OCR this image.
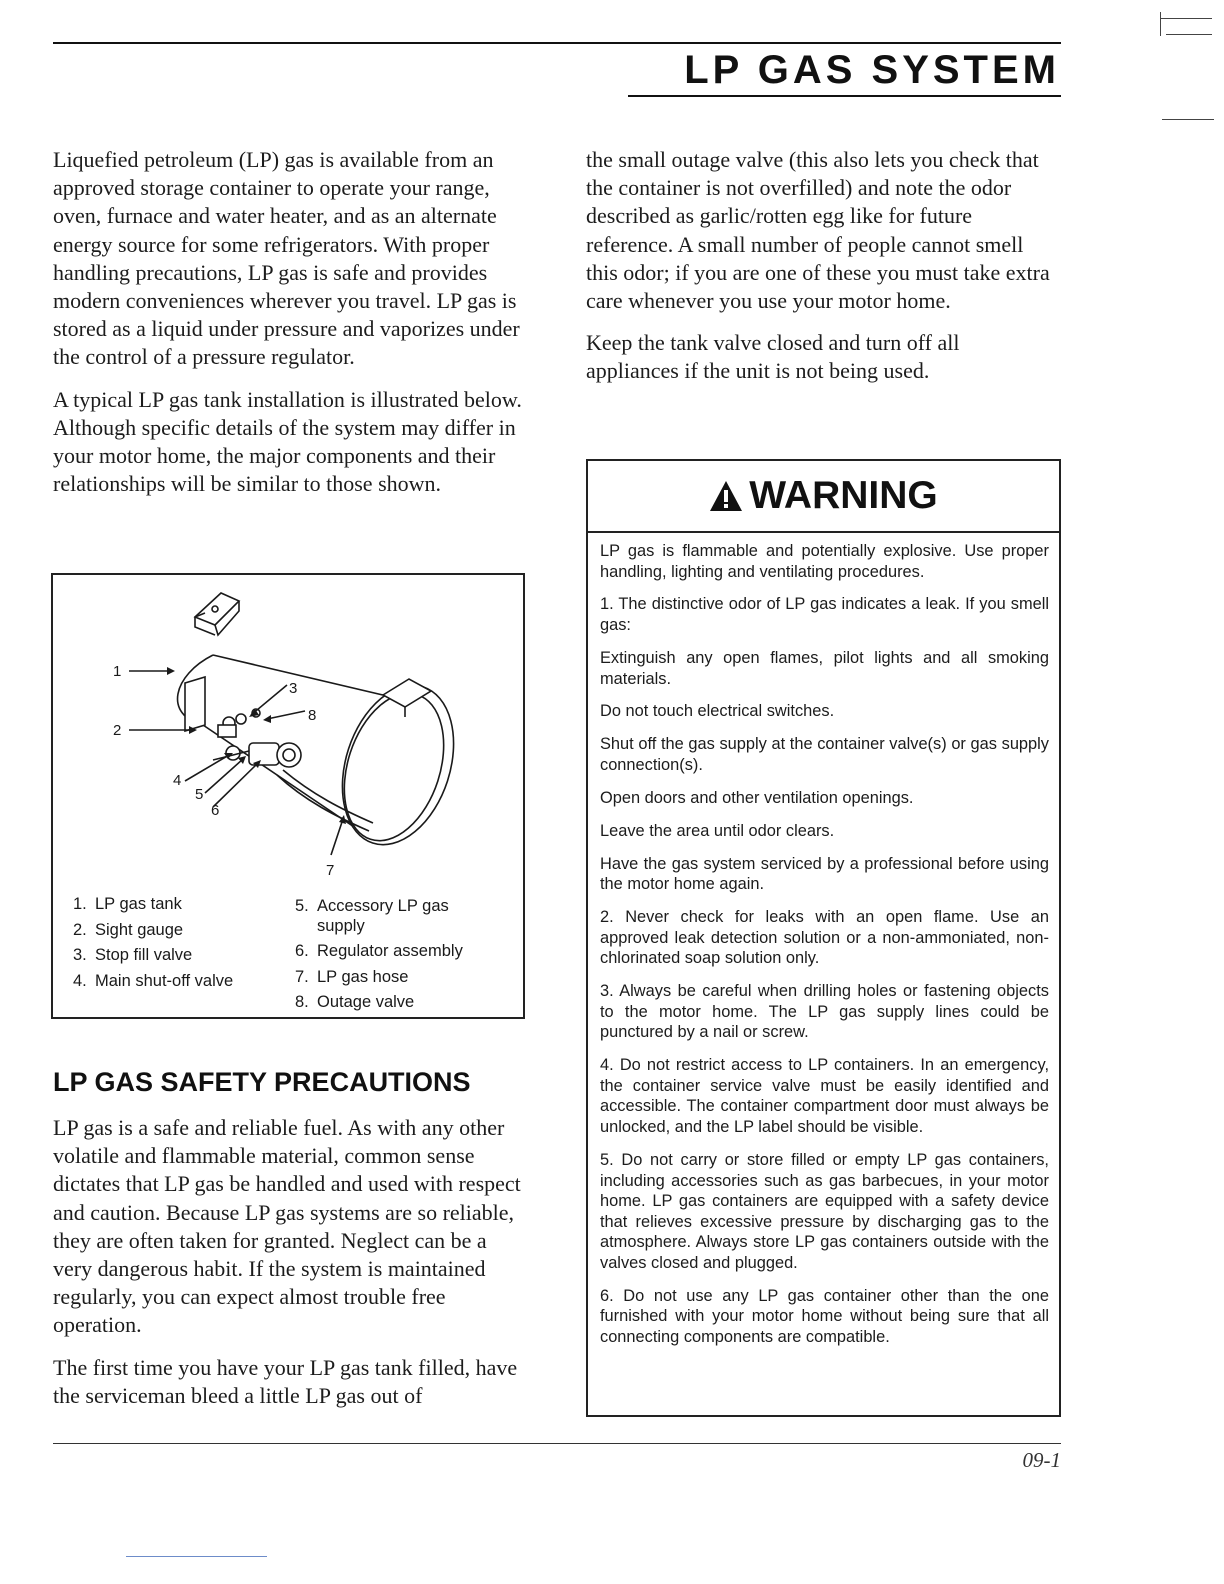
LP GAS SYSTEM

Liquefied petroleum (LP) gas is available from an approved storage container to operate your range, oven, furnace and water heater, and as an alternate energy source for some refrigerators. With proper handling precautions, LP gas is safe and provides modern conveniences wherever you travel. LP gas is stored as a liquid under pressure and vaporizes under the control of a pressure regulator.

A typical LP gas tank installation is illustrated below. Although specific details of the system may differ in your motor home, the major components and their relationships will be similar to those shown.

1
2
3
4
5
6
7
8
1. LP gas tank
2. Sight gauge
3. Stop fill valve
4. Main shut-off valve
5. Accessory LP gas supply
6. Regulator assembly
7. LP gas hose
8. Outage valve
LP GAS SAFETY PRECAUTIONS

LP gas is a safe and reliable fuel. As with any other volatile and flammable material, common sense dictates that LP gas be handled and used with respect and caution. Because LP gas systems are so reliable, they are often taken for granted. Neglect can be a very dangerous habit. If the system is maintained regularly, you can expect almost trouble free operation.

The first time you have your LP gas tank filled, have the serviceman bleed a little LP gas out of

the small outage valve (this also lets you check that the container is not overfilled) and note the odor described as garlic/rotten egg like for future reference. A small number of people cannot smell this odor; if you are one of these you must take extra care whenever you use your motor home.

Keep the tank valve closed and turn off all appliances if the unit is not being used.

WARNING

LP gas is flammable and potentially explosive. Use proper handling, lighting and ventilating procedures.

1. The distinctive odor of LP gas indicates a leak. If you smell gas:

Extinguish any open flames, pilot lights and all smoking materials.

Do not touch electrical switches.

Shut off the gas supply at the container valve(s) or gas supply connection(s).

Open doors and other ventilation openings.

Leave the area until odor clears.

Have the gas system serviced by a professional before using the motor home again.

2. Never check for leaks with an open flame. Use an approved leak detection solution or a non-ammoniated, non-chlorinated soap solution only.

3. Always be careful when drilling holes or fastening objects to the motor home. The LP gas supply lines could be punctured by a nail or screw.

4. Do not restrict access to LP containers. In an emergency, the container service valve must be easily identified and accessible. The container compartment door must always be unlocked, and the LP label should be visible.

5. Do not carry or store filled or empty LP gas containers, including accessories such as gas barbecues, in your motor home. LP gas containers are equipped with a safety device that relieves excessive pressure by discharging gas to the atmosphere. Always store LP gas containers outside with the valves closed and plugged.

6. Do not use any LP gas container other than the one furnished with your motor home without being sure that all connecting components are compatible.

09-1
